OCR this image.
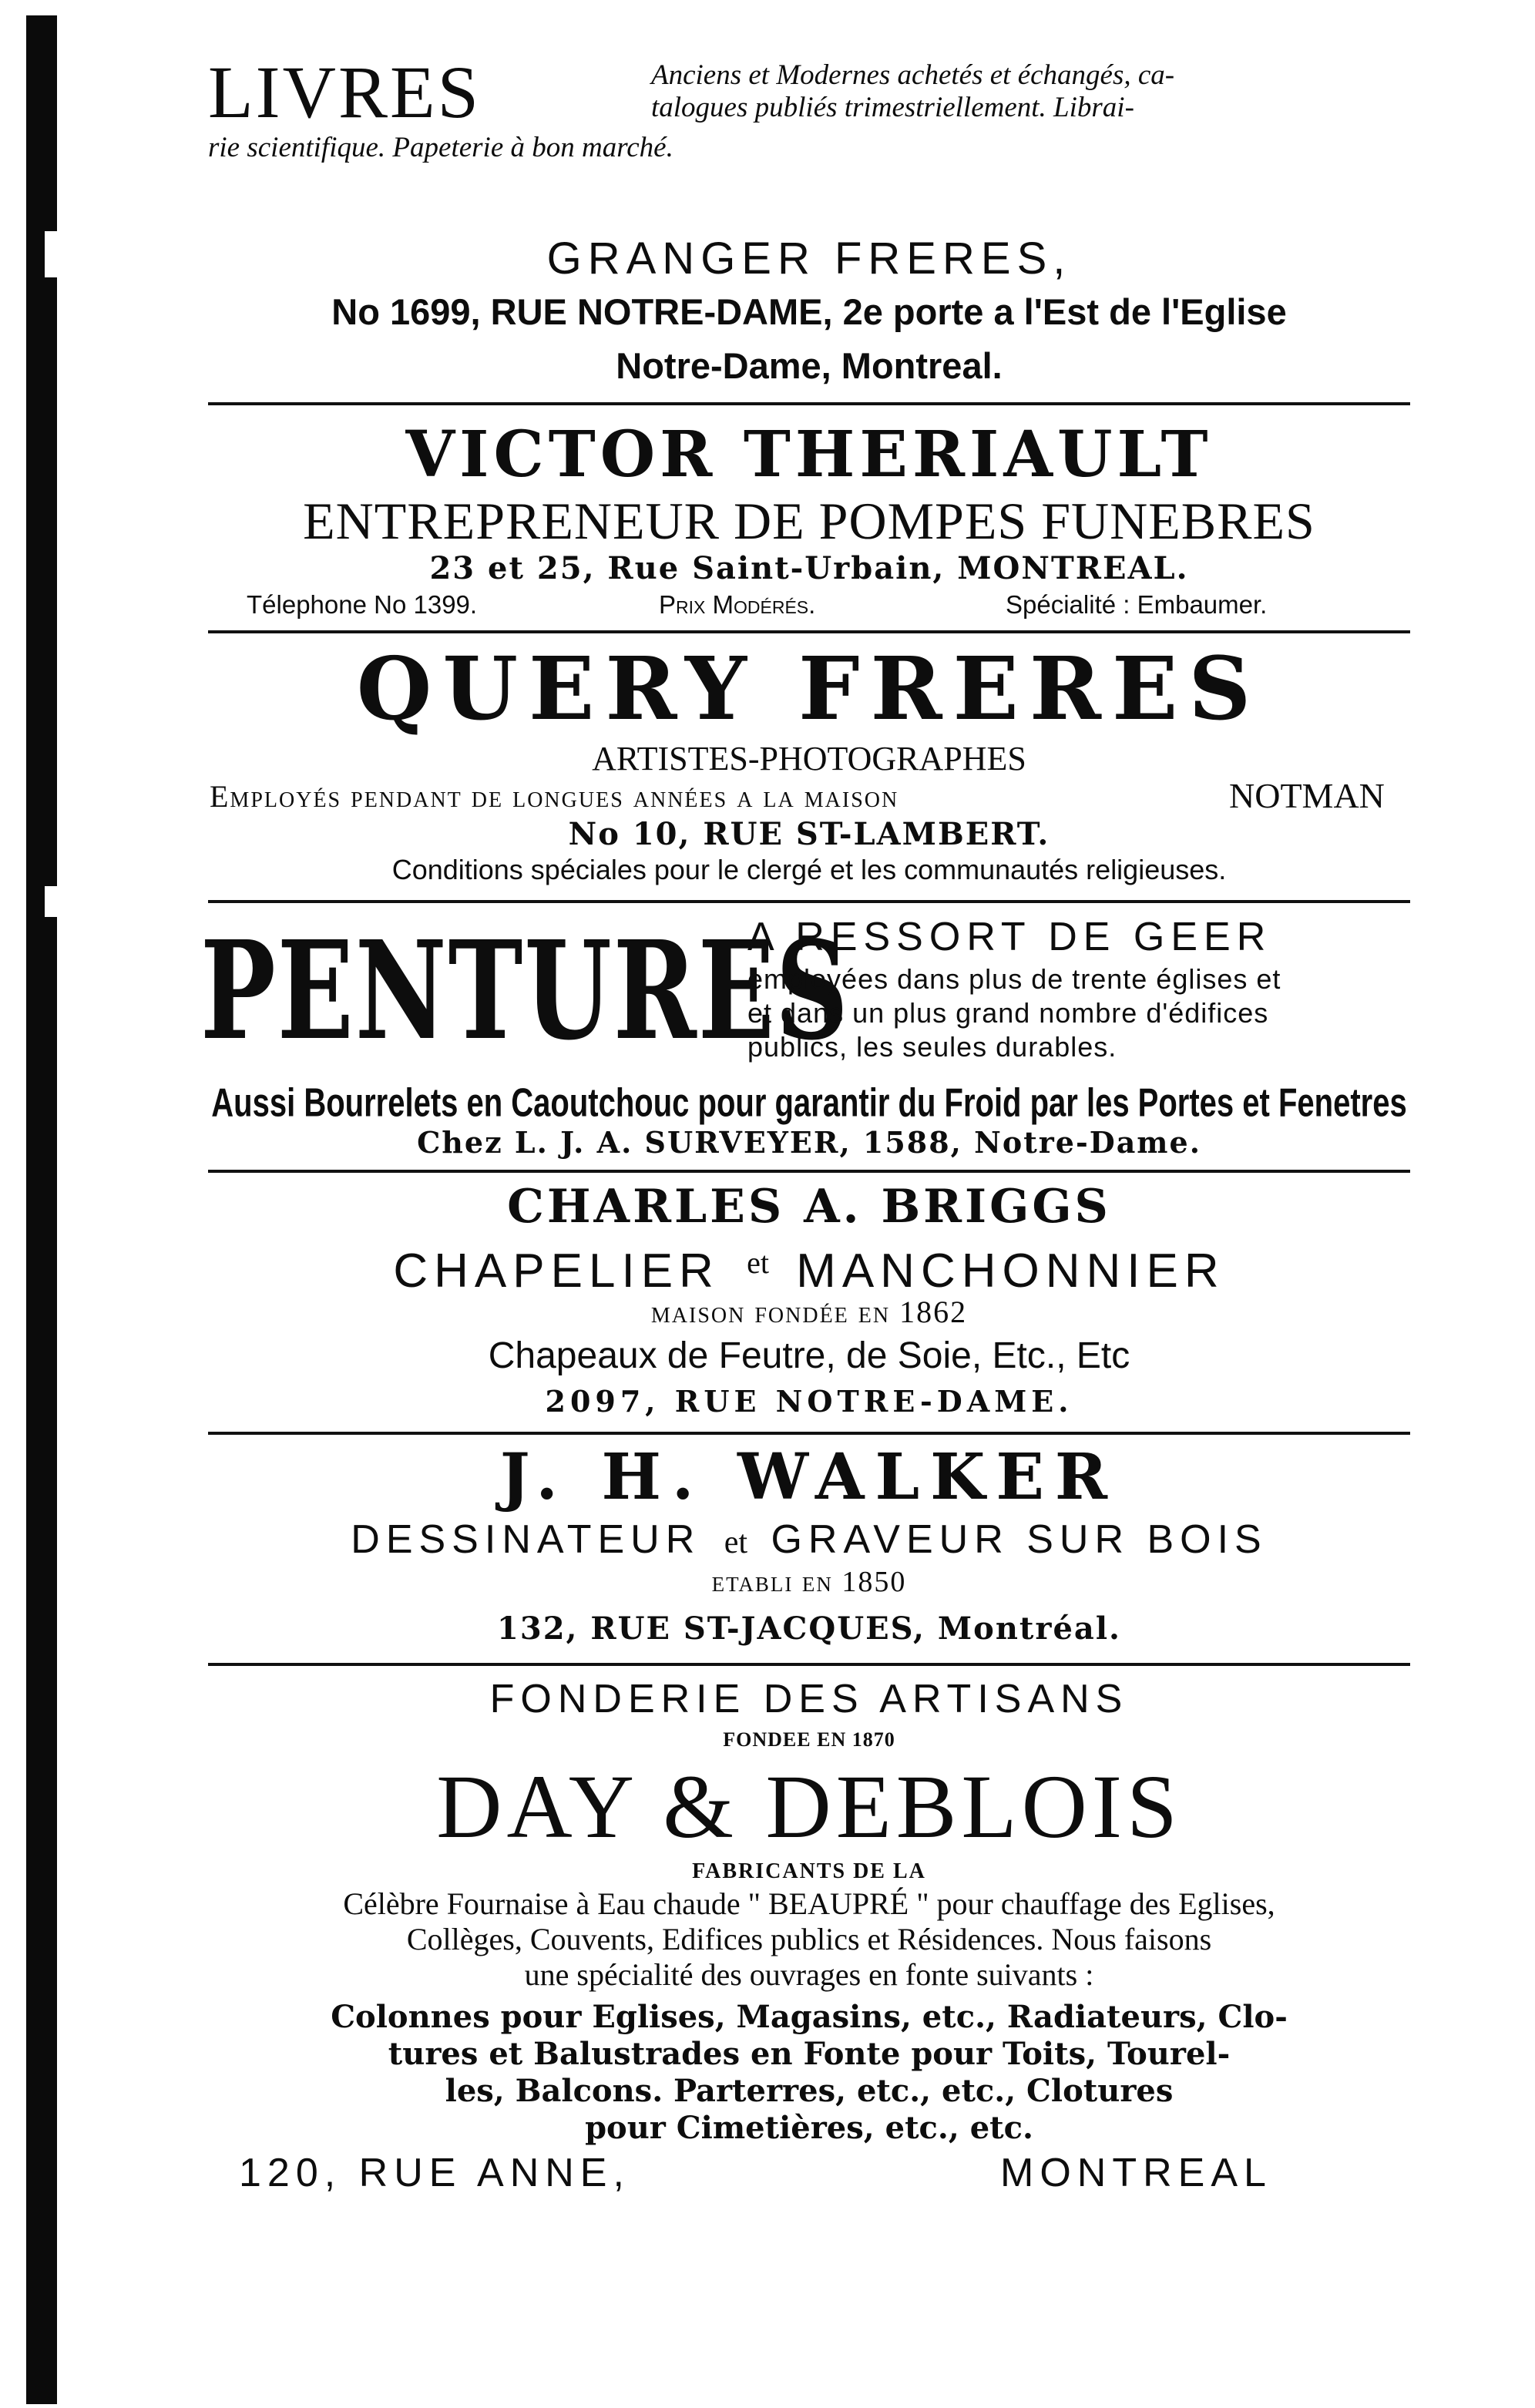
LIVRES	Anciens et Modernes achetés et échangés, ca-
talogues publiés trimestriellement. Librai-
rie scientifique. Papeterie à bon marché.
GRANGER FRERES,
No 1699, RUE NOTRE-DAME, 2e porte a l'Est de l'Eglise
Notre-Dame, Montreal.
VICTOR THERIAULT
ENTREPRENEUR DE POMPES FUNEBRES
23 et 25, Rue Saint-Urbain, MONTREAL.
Télephone No 1399.	Prix Modérés.	Spécialité : Embaumer.
QUERY FRERES
ARTISTES-PHOTOGRAPHES
Employés pendant de longues années a la maison	NOTMAN
No 10, RUE ST-LAMBERT.
Conditions spéciales pour le clergé et les communautés religieuses.
PENTURES
A RESSORT DE GEER
employées dans plus de trente églises et
et dans un plus grand nombre d'édifices
publics, les seules durables.
Aussi Bourrelets en Caoutchouc pour garantir du Froid par les Portes et Fenetres
Chez L. J. A. SURVEYER, 1588, Notre-Dame.
CHARLES A. BRIGGS
CHAPELIER $^{et}$ MANCHONNIER
maison fondée en 1862
Chapeaux de Feutre, de Soie, Etc., Etc
2097, RUE NOTRE-DAME.
J. H. WALKER
DESSINATEUR et GRAVEUR SUR BOIS
etabli en 1850
132, RUE ST-JACQUES, Montréal.
FONDERIE DES ARTISANS
FONDEE EN 1870
DAY & DEBLOIS
FABRICANTS DE LA
Célèbre Fournaise à Eau chaude " BEAUPRÉ " pour chauffage des Eglises,
Collèges, Couvents, Edifices publics et Résidences. Nous faisons
une spécialité des ouvrages en fonte suivants :
Colonnes pour Eglises, Magasins, etc., Radiateurs, Clo-
tures et Balustrades en Fonte pour Toits, Tourel-
les, Balcons. Parterres, etc., etc., Clotures
pour Cimetières, etc., etc.
120, RUE ANNE,	MONTREAL
